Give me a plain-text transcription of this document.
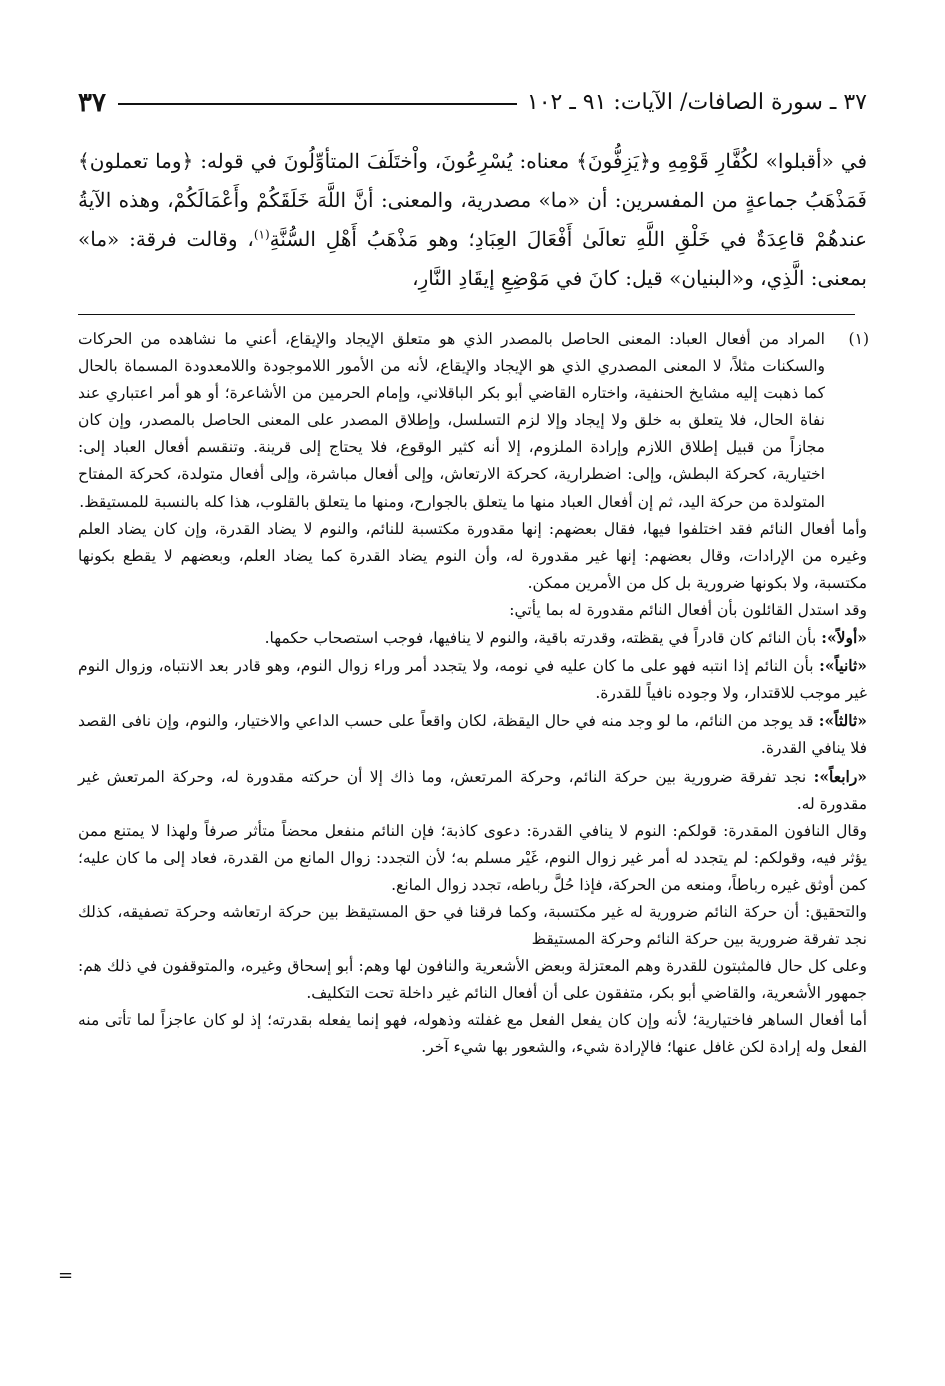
٣٧ ـ سورة الصافات/ الآيات: ٩١ ـ ١٠٢
٣٧

في «أقبلوا» لكُفَّارِ قَوْمِهِ و﴿يَزِفُّونَ﴾ معناه: يُسْرِعُونَ، واْختَلَفَ المتأوِّلُونَ في قوله: ﴿وما تعملون﴾ فَمَذْهَبُ جماعةٍ من المفسرين: أن «ما» مصدرية، والمعنى: أنَّ اللَّهَ خَلَقَكُمْ وأَعْمَالَكُمْ، وهذه الآيةُ عندهُمْ قاعِدَةٌ في خَلْقِ اللَّهِ تعالَىٰ أَفْعَالَ العِبَادِ؛ وهو مَذْهَبُ أَهْلِ السُّنَّةِ$^{(١)}$، وقالت فرقة: «ما» بمعنى: الَّذِي، و«البنيان» قيل: كانَ في مَوْضِعِ إيقَادِ النَّارِ،

(١)

المراد من أفعال العباد: المعنى الحاصل بالمصدر الذي هو متعلق الإيجاد والإيقاع، أعني ما نشاهده من الحركات والسكنات مثلاً، لا المعنى المصدري الذي هو الإيجاد والإيقاع، لأنه من الأمور اللاموجودة واللامعدودة المسماة بالحال كما ذهبت إليه مشايخ الحنفية، واختاره القاضي أبو بكر الباقلاني، وإمام الحرمين من الأشاعرة؛ أو هو أمر اعتباري عند نفاة الحال، فلا يتعلق به خلق ولا إيجاد وإلا لزم التسلسل، وإطلاق المصدر على المعنى الحاصل بالمصدر، وإن كان مجازاً من قبيل إطلاق اللازم وإرادة الملزوم، إلا أنه كثير الوقوع، فلا يحتاج إلى قرينة. وتنقسم أفعال العباد إلى: اختيارية، كحركة البطش، وإلى: اضطرارية، كحركة الارتعاش، وإلى أفعال مباشرة، وإلى أفعال متولدة، كحركة المفتاح المتولدة من حركة اليد، ثم إن أفعال العباد منها ما يتعلق بالجوارح، ومنها ما يتعلق بالقلوب، هذا كله بالنسبة للمستيقظ.

وأما أفعال النائم فقد اختلفوا فيها، فقال بعضهم: إنها مقدورة مكتسبة للنائم، والنوم لا يضاد القدرة، وإن كان يضاد العلم وغيره من الإرادات، وقال بعضهم: إنها غير مقدورة له، وأن النوم يضاد القدرة كما يضاد العلم، وبعضهم لا يقطع بكونها مكتسبة، ولا بكونها ضرورية بل كل من الأمرين ممكن.

وقد استدل القائلون بأن أفعال النائم مقدورة له بما يأتي:

«أولاً»: بأن النائم كان قادراً في يقظته، وقدرته باقية، والنوم لا ينافيها، فوجب استصحاب حكمها.

«ثانياً»: بأن النائم إذا انتبه فهو على ما كان عليه في نومه، ولا يتجدد أمر وراء زوال النوم، وهو قادر بعد الانتباه، وزوال النوم غير موجب للاقتدار، ولا وجوده نافياً للقدرة.

«ثالثاً»: قد يوجد من النائم، ما لو وجد منه في حال اليقظة، لكان واقعاً على حسب الداعي والاختيار، والنوم، وإن نافى القصد فلا ينافي القدرة.

«رابعاً»: نجد تفرقة ضرورية بين حركة النائم، وحركة المرتعش، وما ذاك إلا أن حركته مقدورة له، وحركة المرتعش غير مقدورة له.

وقال النافون المقدرة: قولكم: النوم لا ينافي القدرة: دعوى كاذبة؛ فإن النائم منفعل محضاً متأثر صرفاً ولهذا لا يمتنع ممن يؤثر فيه، وقولكم: لم يتجدد له أمر غير زوال النوم، غَيْر مسلم به؛ لأن التجدد: زوال المانع من القدرة، فعاد إلى ما كان عليه؛ كمن أوثق غيره رباطاً، ومنعه من الحركة، فإذا حُلَّ رباطه، تجدد زوال المانع.

والتحقيق: أن حركة النائم ضرورية له غير مكتسبة، وكما فرقنا في حق المستيقظ بين حركة ارتعاشه وحركة تصفيقه، كذلك نجد تفرقة ضرورية بين حركة النائم وحركة المستيقظ

وعلى كل حال فالمثبتون للقدرة وهم المعتزلة وبعض الأشعرية والنافون لها وهم: أبو إسحاق وغيره، والمتوقفون في ذلك هم: جمهور الأشعرية، والقاضي أبو بكر، متفقون على أن أفعال النائم غير داخلة تحت التكليف.

أما أفعال الساهر فاختيارية؛ لأنه وإن كان يفعل الفعل مع غفلته وذهوله، فهو إنما يفعله بقدرته؛ إذ لو كان عاجزاً لما تأتى منه الفعل وله إرادة لكن غافل عنها؛ فالإرادة شيء، والشعور بها شيء آخر.

=
